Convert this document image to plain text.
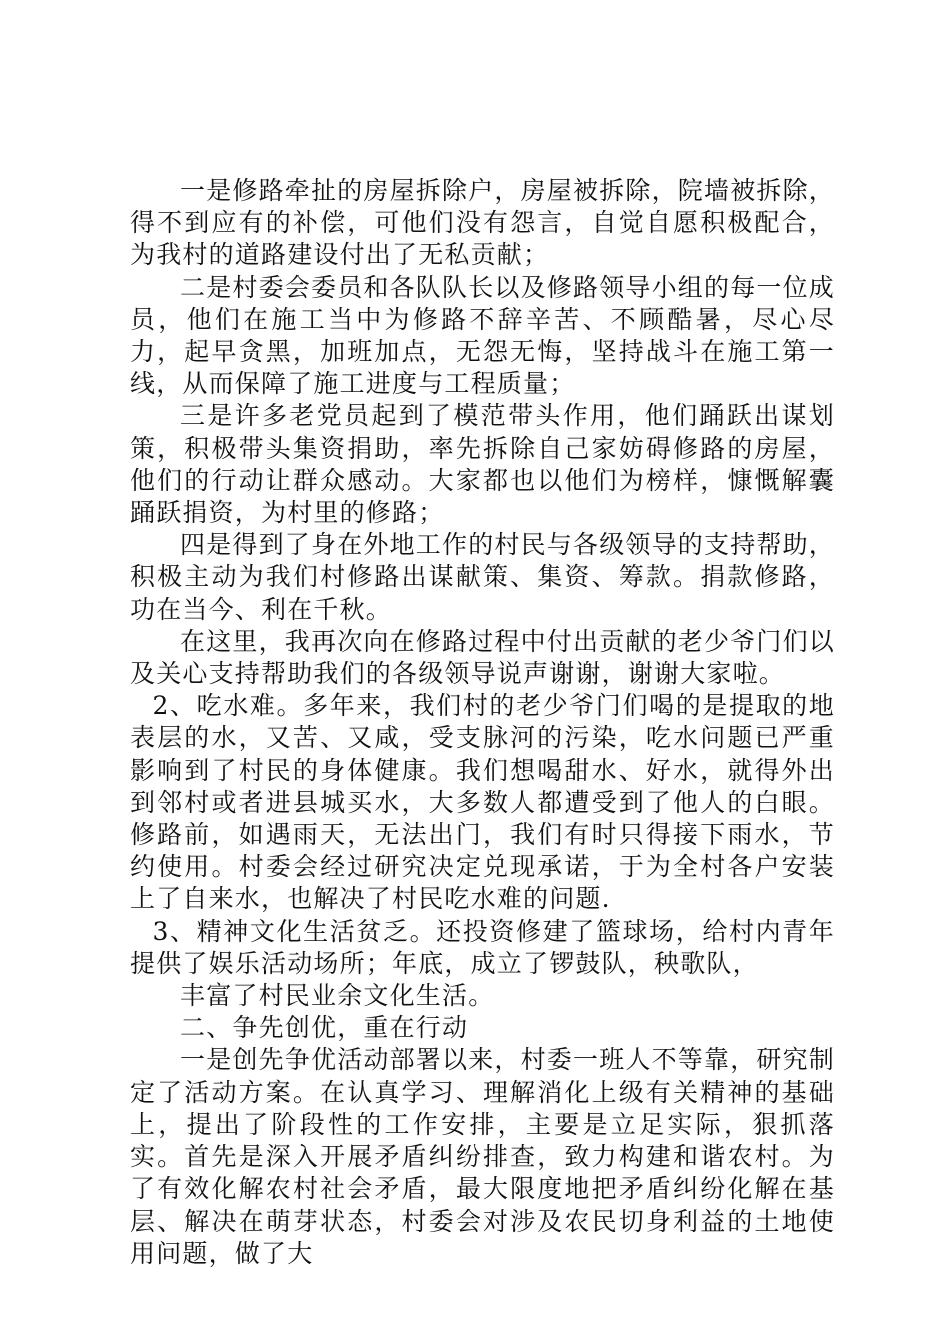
一是修路牵扯的房屋拆除户，房屋被拆除，院墙被拆除，得不到应有的补偿，可他们没有怨言，自觉自愿积极配合，为我村的道路建设付出了无私贡献；

二是村委会委员和各队队长以及修路领导小组的每一位成员，他们在施工当中为修路不辞辛苦、不顾酷暑，尽心尽力，起早贪黑，加班加点，无怨无悔，坚持战斗在施工第一线，从而保障了施工进度与工程质量；

三是许多老党员起到了模范带头作用，他们踊跃出谋划策，积极带头集资捐助，率先拆除自己家妨碍修路的房屋，他们的行动让群众感动。大家都也以他们为榜样，慷慨解囊踊跃捐资，为村里的修路；

四是得到了身在外地工作的村民与各级领导的支持帮助，积极主动为我们村修路出谋献策、集资、筹款。捐款修路，功在当今、利在千秋。

在这里，我再次向在修路过程中付出贡献的老少爷门们以及关心支持帮助我们的各级领导说声谢谢，谢谢大家啦。

2、吃水难。多年来，我们村的老少爷门们喝的是提取的地表层的水，又苦、又咸，受支脉河的污染，吃水问题已严重影响到了村民的身体健康。我们想喝甜水、好水，就得外出到邻村或者进县城买水，大多数人都遭受到了他人的白眼。修路前，如遇雨天，无法出门，我们有时只得接下雨水，节约使用。村委会经过研究决定兑现承诺，于为全村各户安装上了自来水，也解决了村民吃水难的问题.

3、精神文化生活贫乏。还投资修建了篮球场，给村内青年提供了娱乐活动场所；年底，成立了锣鼓队，秧歌队，

丰富了村民业余文化生活。

二、争先创优，重在行动

一是创先争优活动部署以来，村委一班人不等靠，研究制定了活动方案。在认真学习、理解消化上级有关精神的基础上，提出了阶段性的工作安排，主要是立足实际，狠抓落实。首先是深入开展矛盾纠纷排查，致力构建和谐农村。为了有效化解农村社会矛盾，最大限度地把矛盾纠纷化解在基层、解决在萌芽状态，村委会对涉及农民切身利益的土地使用问题，做了大
